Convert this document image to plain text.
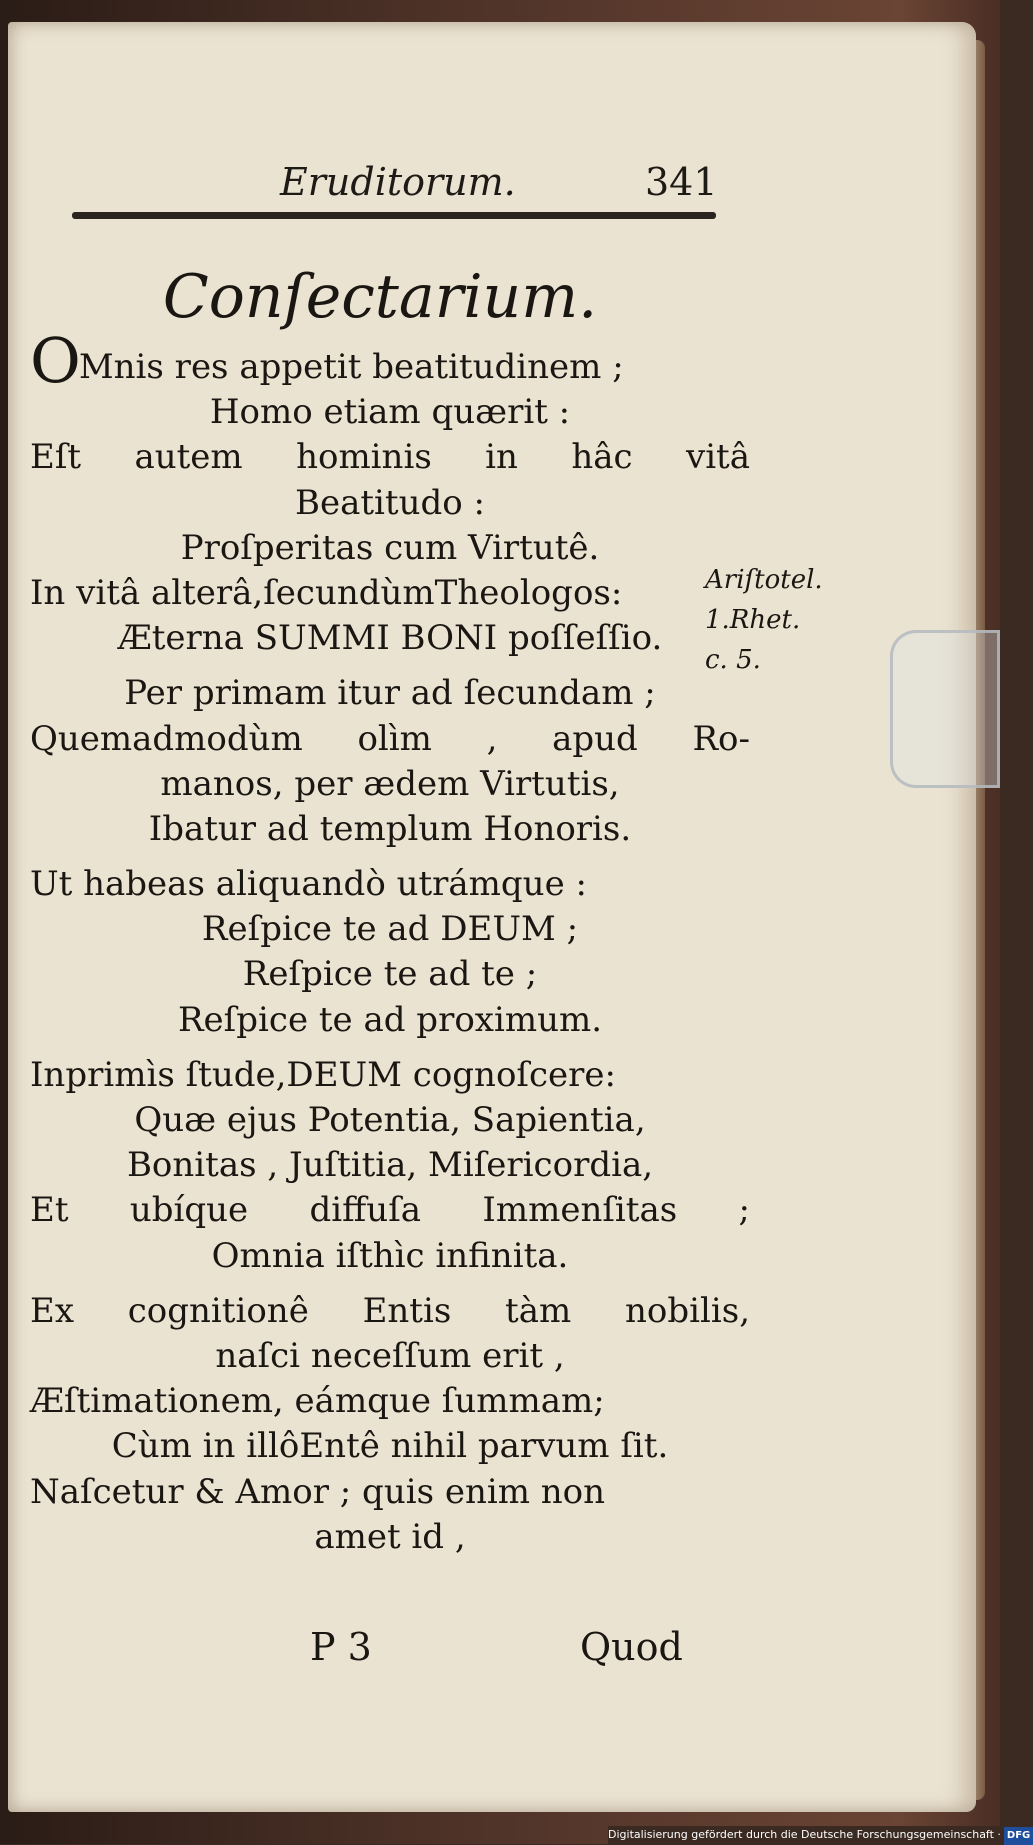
Eruditorum.	341
Conſectarium.
OMnis res appetit beatitudinem ;
Homo etiam quærit :
Eſt autem hominis in hâc vitâ
Beatitudo :
Proſperitas cum Virtutê.
In vitâ alterâ,ſecundùmTheologos:
Æterna SUMMI BONI poſſeſſio.
Per primam itur ad ſecundam ;
Quemadmodùm olìm , apud Ro-
manos, per ædem Virtutis,
Ibatur ad templum Honoris.
Ut habeas aliquandò utrámque :
Reſpice te ad DEUM ;
Reſpice te ad te ;
Reſpice te ad proximum.
Inprimìs ſtude,DEUM cognoſcere:
Quæ ejus Potentia, Sapientia,
Bonitas , Juſtitia, Miſericordia,
Et ubíque diffuſa Immenſitas ;
Omnia iſthìc infinita.
Ex cognitionê Entis tàm nobilis,
naſci neceſſum erit ,
Æſtimationem, eámque ſummam;
Cùm in illôEntê nihil parvum ſit.
Naſcetur & Amor ; quis enim non
amet id ,
Ariſtotel.
1.Rhet.
c. 5.
P 3	Quod
Digitalisierung gefördert durch die Deutsche Forschungsgemeinschaft · DFG
